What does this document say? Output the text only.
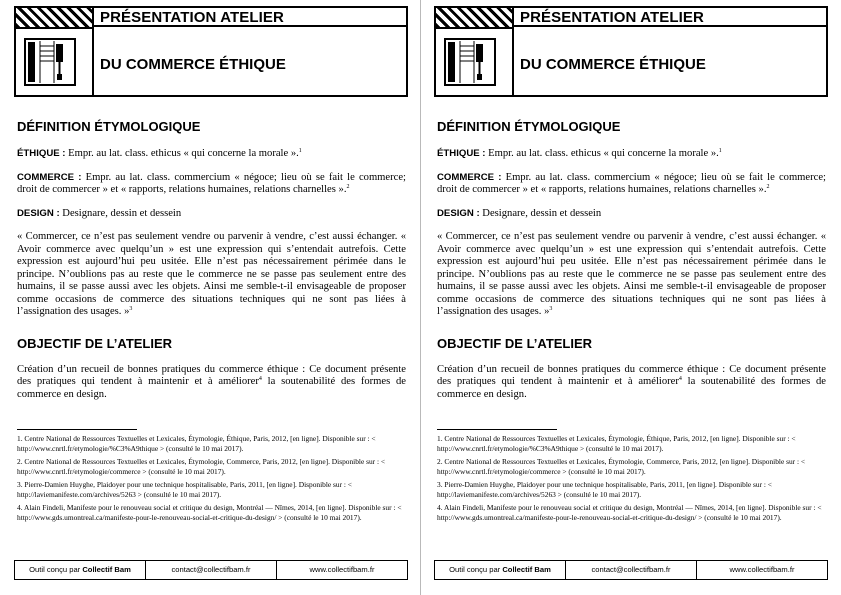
PRÉSENTATION ATELIER
DU COMMERCE ÉTHIQUE

DÉFINITION ÉTYMOLOGIQUE

ÉTHIQUE : Empr. au lat. class. ethicus « qui concerne la morale ».$^1$

COMMERCE : Empr. au lat. class. commercium « négoce; lieu où se fait le commerce; droit de commercer » et « rapports, relations humaines, relations charnelles ».$^2$

DESIGN : Designare, dessin et dessein

« Commercer, ce n’est pas seulement vendre ou parvenir à vendre, c’est aussi échanger. « Avoir commerce avec quelqu’un » est une expression qui s’entendait autrefois. Cette expression est aujourd’hui peu usitée. Elle n’est pas nécessairement périmée dans le principe. N’oublions pas au reste que le commerce ne se passe pas seulement entre des humains, il se passe aussi avec les objets. Ainsi me semble-t-il envisageable de proposer comme occasions de commerce des situations techniques qui ne sont pas liées à l’assignation des usages. »$^3$

OBJECTIF DE L’ATELIER

Création d’un recueil de bonnes pratiques du commerce éthique : Ce document présente des pratiques qui tendent à maintenir et à améliorer$^4$ la soutenabilité des formes de commerce en design.

1. Centre National de Ressources Textuelles et Lexicales, Étymologie, Éthique, Paris, 2012, [en ligne]. Disponible sur : < http://www.cnrtl.fr/etymologie/%C3%A9thique > (consulté le 10 mai 2017).

2. Centre National de Ressources Textuelles et Lexicales, Étymologie, Commerce, Paris, 2012, [en ligne]. Disponible sur : < http://www.cnrtl.fr/etymologie/commerce > (consulté le 10 mai 2017).

3. Pierre-Damien Huyghe, Plaidoyer pour une technique hospitalisable, Paris, 2011, [en ligne]. Disponible sur : < http://laviemanifeste.com/archives/5263 > (consulté le 10 mai 2017).

4. Alain Findeli, Manifeste pour le renouveau social et critique du design, Montréal — Nîmes, 2014, [en ligne]. Disponible sur : < http://www.gds.umontreal.ca/manifeste-pour-le-renouveau-social-et-critique-du-design/ > (consulté le 10 mai 2017).

Outil conçu par Collectif Bam	contact@collectifbam.fr	www.collectifbam.fr
PRÉSENTATION ATELIER
DU COMMERCE ÉTHIQUE

DÉFINITION ÉTYMOLOGIQUE

ÉTHIQUE : Empr. au lat. class. ethicus « qui concerne la morale ».$^1$

COMMERCE : Empr. au lat. class. commercium « négoce; lieu où se fait le commerce; droit de commercer » et « rapports, relations humaines, relations charnelles ».$^2$

DESIGN : Designare, dessin et dessein

« Commercer, ce n’est pas seulement vendre ou parvenir à vendre, c’est aussi échanger. « Avoir commerce avec quelqu’un » est une expression qui s’entendait autrefois. Cette expression est aujourd’hui peu usitée. Elle n’est pas nécessairement périmée dans le principe. N’oublions pas au reste que le commerce ne se passe pas seulement entre des humains, il se passe aussi avec les objets. Ainsi me semble-t-il envisageable de proposer comme occasions de commerce des situations techniques qui ne sont pas liées à l’assignation des usages. »$^3$

OBJECTIF DE L’ATELIER

Création d’un recueil de bonnes pratiques du commerce éthique : Ce document présente des pratiques qui tendent à maintenir et à améliorer$^4$ la soutenabilité des formes de commerce en design.

1. Centre National de Ressources Textuelles et Lexicales, Étymologie, Éthique, Paris, 2012, [en ligne]. Disponible sur : < http://www.cnrtl.fr/etymologie/%C3%A9thique > (consulté le 10 mai 2017).

2. Centre National de Ressources Textuelles et Lexicales, Étymologie, Commerce, Paris, 2012, [en ligne]. Disponible sur : < http://www.cnrtl.fr/etymologie/commerce > (consulté le 10 mai 2017).

3. Pierre-Damien Huyghe, Plaidoyer pour une technique hospitalisable, Paris, 2011, [en ligne]. Disponible sur : < http://laviemanifeste.com/archives/5263 > (consulté le 10 mai 2017).

4. Alain Findeli, Manifeste pour le renouveau social et critique du design, Montréal — Nîmes, 2014, [en ligne]. Disponible sur : < http://www.gds.umontreal.ca/manifeste-pour-le-renouveau-social-et-critique-du-design/ > (consulté le 10 mai 2017).

Outil conçu par Collectif Bam	contact@collectifbam.fr	www.collectifbam.fr
